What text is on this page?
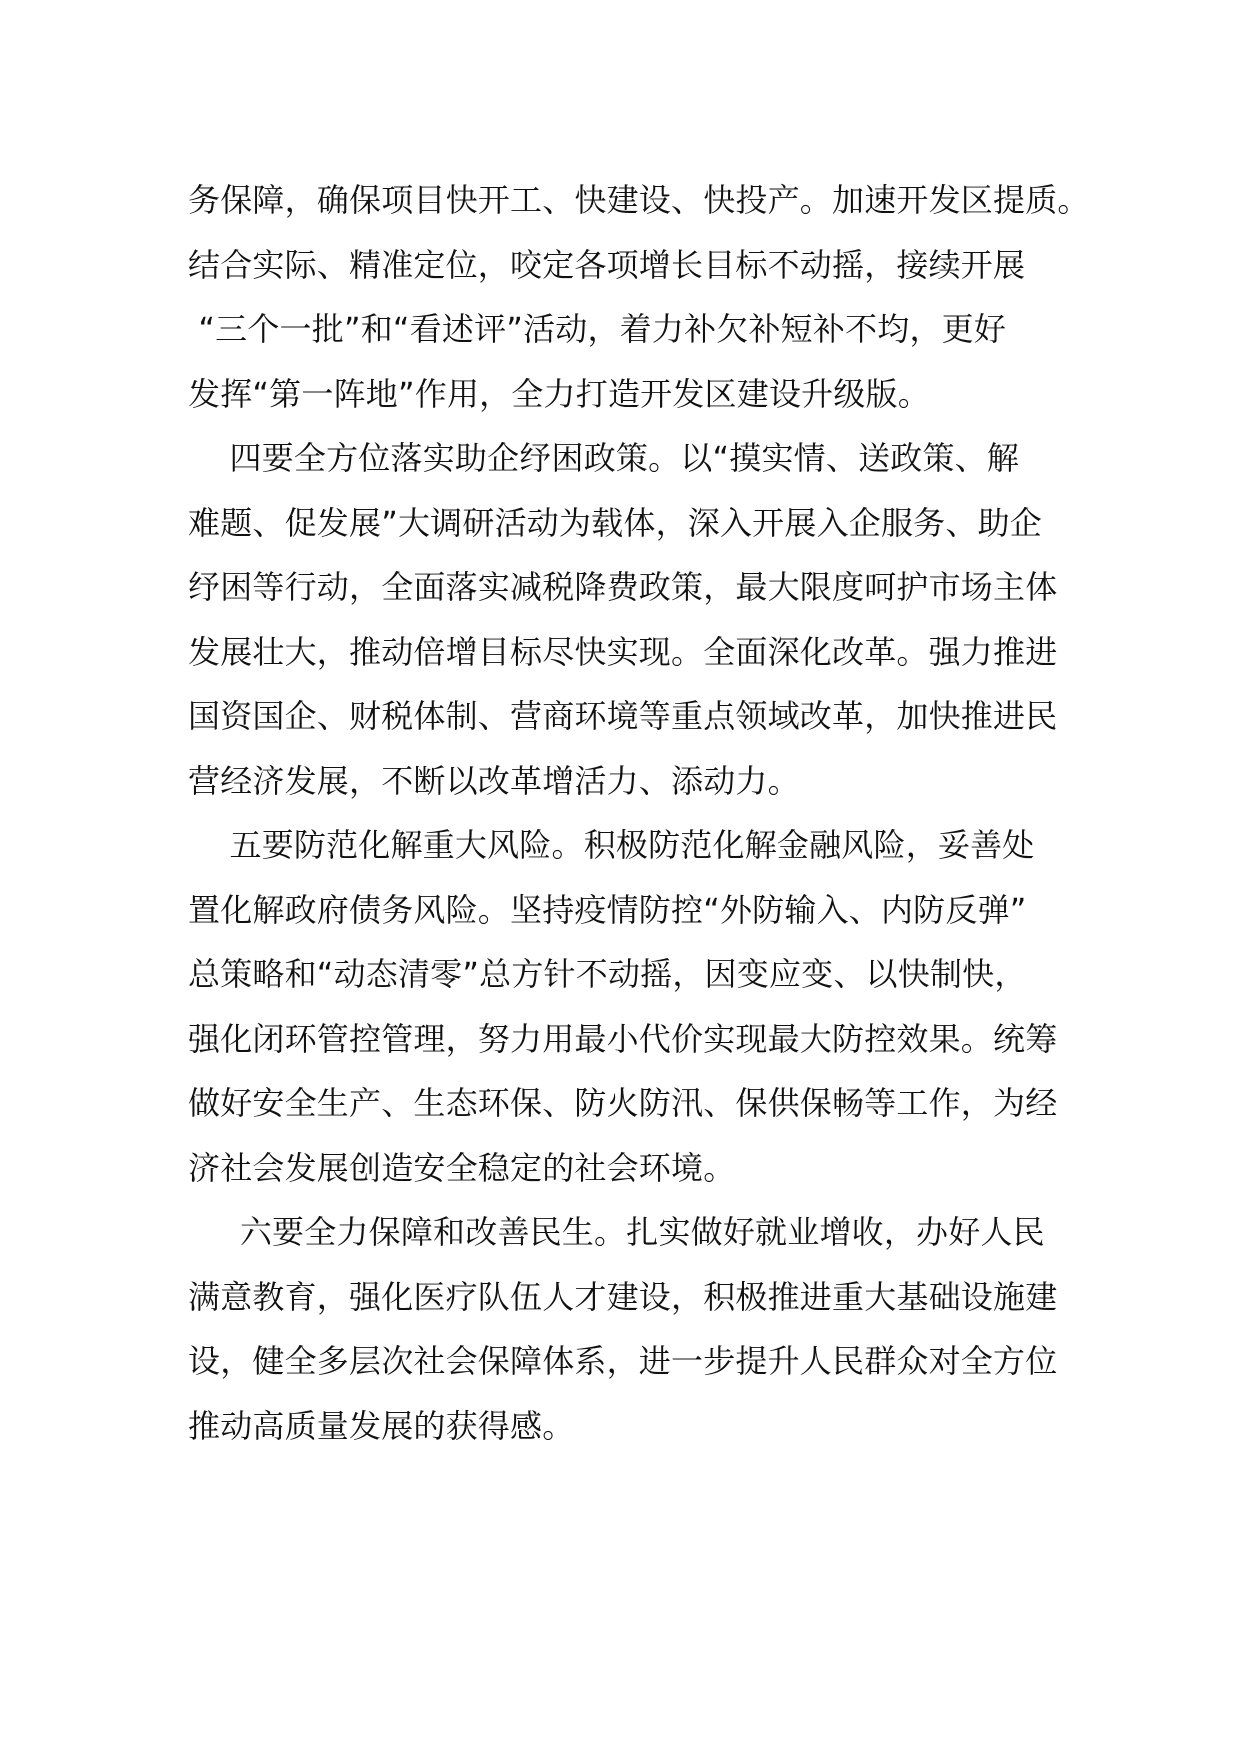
务保障，确保项目快开工、快建设、快投产。加速开发区提质。
结合实际、精准定位，咬定各项增长目标不动摇，接续开展
“三个一批”和“看述评”活动，着力补欠补短补不均，更好
发挥“第一阵地”作用，全力打造开发区建设升级版。
四要全方位落实助企纾困政策。以“摸实情、送政策、解
难题、促发展”大调研活动为载体，深入开展入企服务、助企
纾困等行动，全面落实减税降费政策，最大限度呵护市场主体
发展壮大，推动倍增目标尽快实现。全面深化改革。强力推进
国资国企、财税体制、营商环境等重点领域改革，加快推进民
营经济发展，不断以改革增活力、添动力。
五要防范化解重大风险。积极防范化解金融风险，妥善处
置化解政府债务风险。坚持疫情防控“外防输入、内防反弹”
总策略和“动态清零”总方针不动摇，因变应变、以快制快，
强化闭环管控管理，努力用最小代价实现最大防控效果。统筹
做好安全生产、生态环保、防火防汛、保供保畅等工作，为经
济社会发展创造安全稳定的社会环境。
六要全力保障和改善民生。扎实做好就业增收，办好人民
满意教育，强化医疗队伍人才建设，积极推进重大基础设施建
设，健全多层次社会保障体系，进一步提升人民群众对全方位
推动高质量发展的获得感。
